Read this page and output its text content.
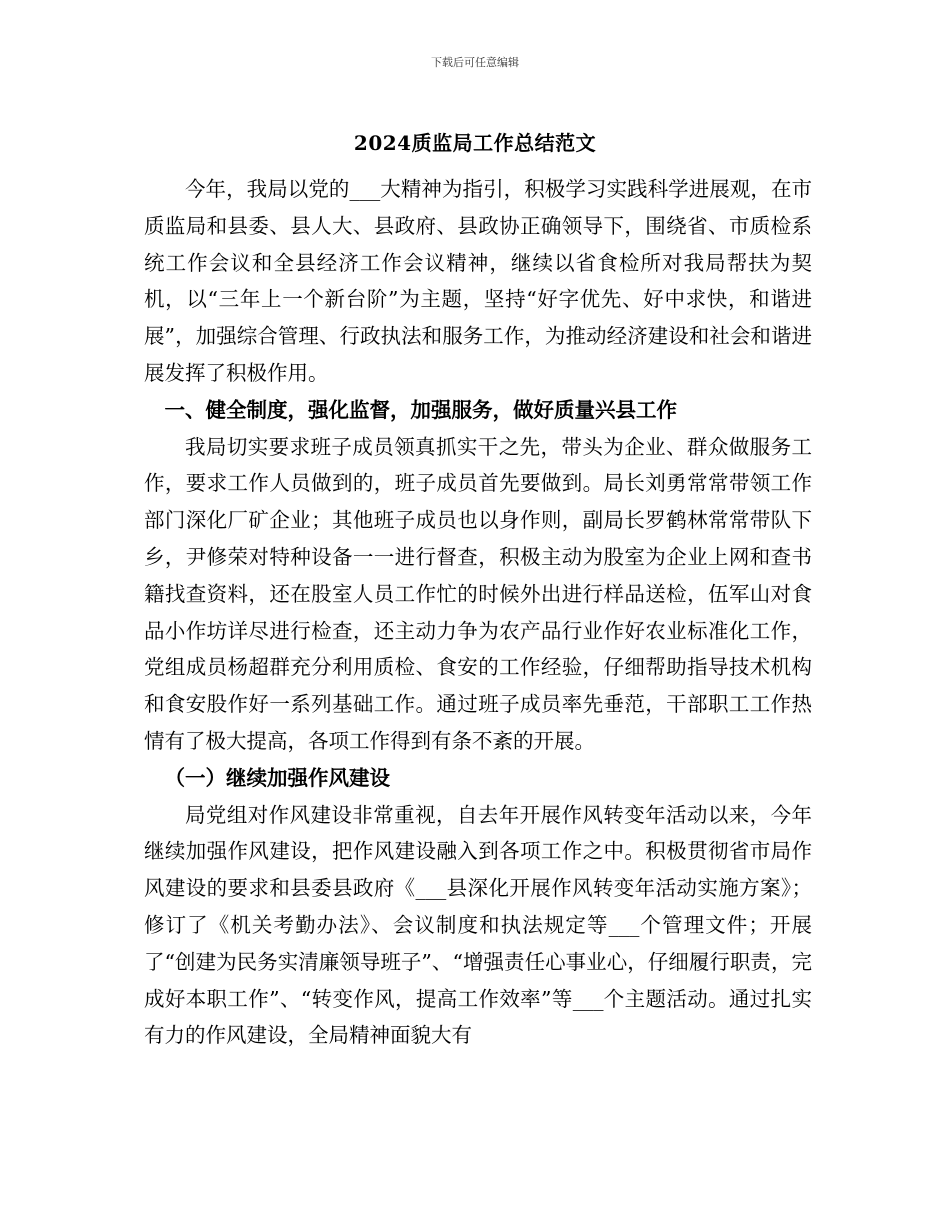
下载后可任意编辑
2024质监局工作总结范文

今年，我局以党的___大精神为指引，积极学习实践科学进展观，在市质监局和县委、县人大、县政府、县政协正确领导下，围绕省、市质检系统工作会议和全县经济工作会议精神，继续以省食检所对我局帮扶为契机，以“三年上一个新台阶”为主题，坚持“好字优先、好中求快，和谐进展”，加强综合管理、行政执法和服务工作，为推动经济建设和社会和谐进展发挥了积极作用。

一、健全制度，强化监督，加强服务，做好质量兴县工作

我局切实要求班子成员领真抓实干之先，带头为企业、群众做服务工作，要求工作人员做到的，班子成员首先要做到。局长刘勇常常带领工作部门深化厂矿企业；其他班子成员也以身作则，副局长罗鹤林常常带队下乡，尹修荣对特种设备一一进行督查，积极主动为股室为企业上网和查书籍找查资料，还在股室人员工作忙的时候外出进行样品送检，伍军山对食品小作坊详尽进行检查，还主动力争为农产品行业作好农业标准化工作，党组成员杨超群充分利用质检、食安的工作经验，仔细帮助指导技术机构和食安股作好一系列基础工作。通过班子成员率先垂范，干部职工工作热情有了极大提高，各项工作得到有条不紊的开展。

（一）继续加强作风建设

局党组对作风建设非常重视，自去年开展作风转变年活动以来，今年继续加强作风建设，把作风建设融入到各项工作之中。积极贯彻省市局作风建设的要求和县委县政府《___县深化开展作风转变年活动实施方案》；修订了《机关考勤办法》、会议制度和执法规定等___个管理文件；开展了“创建为民务实清廉领导班子”、“增强责任心事业心，仔细履行职责，完成好本职工作”、“转变作风，提高工作效率”等___个主题活动。通过扎实有力的作风建设，全局精神面貌大有
